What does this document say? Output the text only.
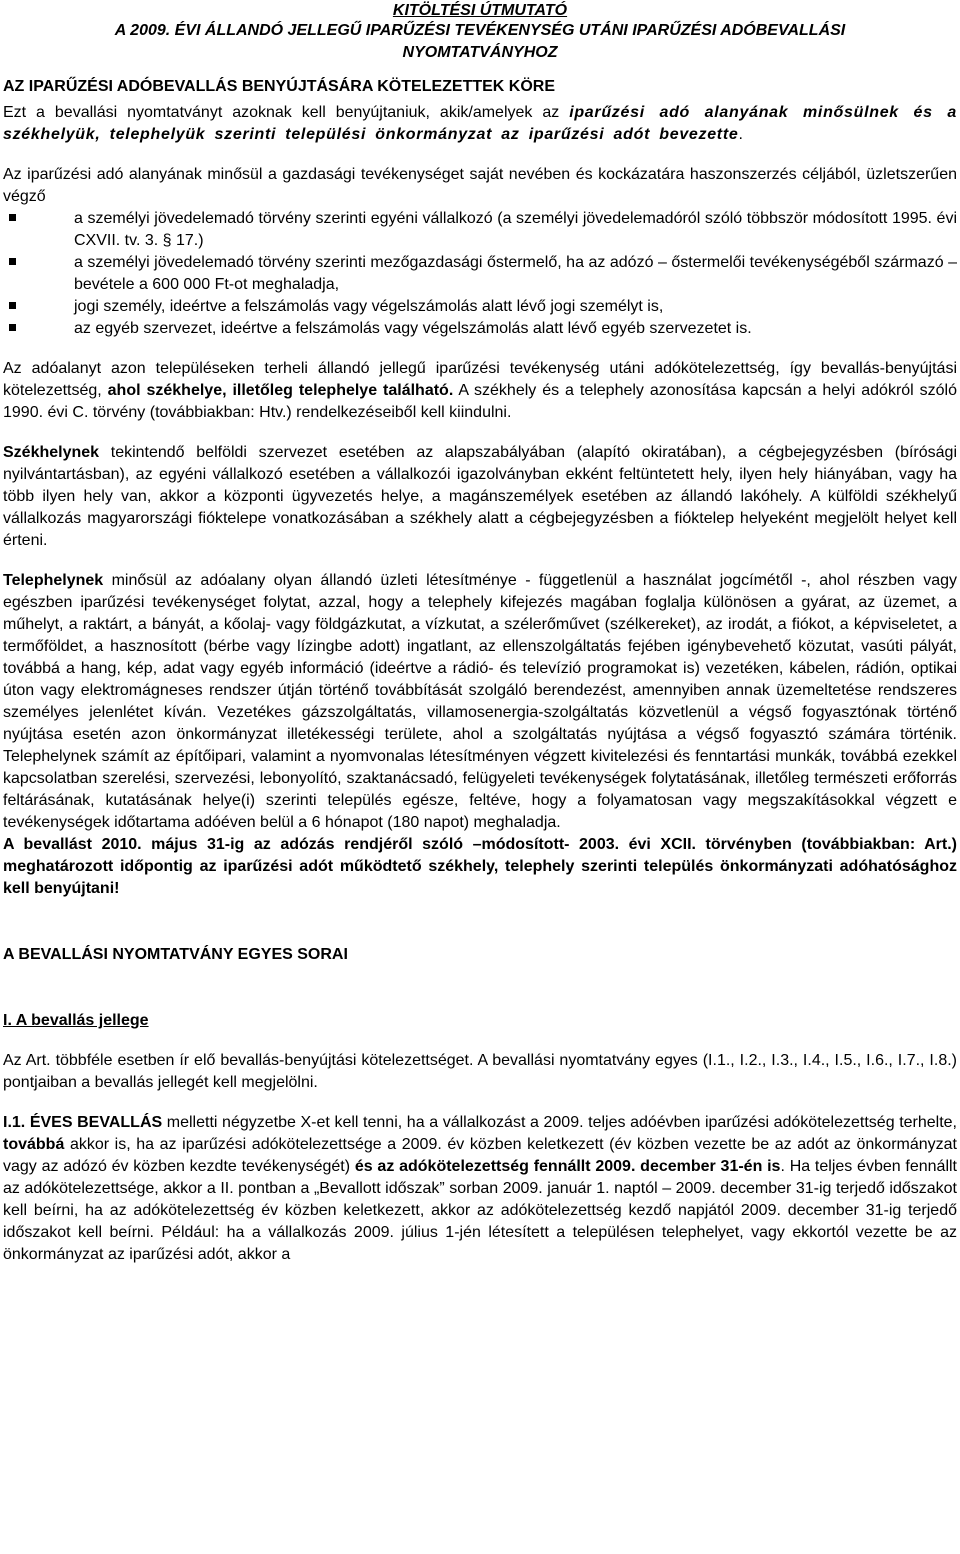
KITÖLTÉSI ÚTMUTATÓ

A 2009. ÉVI ÁLLANDÓ JELLEGŰ IPARŰZÉSI TEVÉKENYSÉG UTÁNI IPARŰZÉSI ADÓBEVALLÁSI

NYOMTATVÁNYHOZ

AZ IPARŰZÉSI ADÓBEVALLÁS BENYÚJTÁSÁRA KÖTELEZETTEK KÖRE

Ezt a bevallási nyomtatványt azoknak kell benyújtaniuk, akik/amelyek az iparűzési adó alanyának minősülnek és a székhelyük, telephelyük szerinti települési önkormányzat az iparűzési adót bevezette.

Az iparűzési adó alanyának minősül a gazdasági tevékenységet saját nevében és kockázatára haszonszerzés céljából, üzletszerűen végző

a személyi jövedelemadó törvény szerinti egyéni vállalkozó (a személyi jövedelemadóról szóló többször módosított 1995. évi CXVII. tv. 3. § 17.)
a személyi jövedelemadó törvény szerinti mezőgazdasági őstermelő, ha az adózó – őstermelői tevékenységéből származó – bevétele a 600 000 Ft-ot meghaladja,
jogi személy, ideértve a felszámolás vagy végelszámolás alatt lévő jogi személyt is,
az egyéb szervezet, ideértve a felszámolás vagy végelszámolás alatt lévő egyéb szervezetet is.

Az adóalanyt azon településeken terheli állandó jellegű iparűzési tevékenység utáni adókötelezettség, így bevallás-benyújtási kötelezettség, ahol székhelye, illetőleg telephelye található. A székhely és a telephely azonosítása kapcsán a helyi adókról szóló 1990. évi C. törvény (továbbiakban: Htv.) rendelkezéseiből kell kiindulni.

Székhelynek tekintendő belföldi szervezet esetében az alapszabályában (alapító okiratában), a cégbejegyzésben (bírósági nyilvántartásban), az egyéni vállalkozó esetében a vállalkozói igazolványban ekként feltüntetett hely, ilyen hely hiányában, vagy ha több ilyen hely van, akkor a központi ügyvezetés helye, a magánszemélyek esetében az állandó lakóhely. A külföldi székhelyű vállalkozás magyarországi fióktelepe vonatkozásában a székhely alatt a cégbejegyzésben a fióktelep helyeként megjelölt helyet kell érteni.

Telephelynek minősül az adóalany olyan állandó üzleti létesítménye - függetlenül a használat jogcímétől -, ahol részben vagy egészben iparűzési tevékenységet folytat, azzal, hogy a telephely kifejezés magában foglalja különösen a gyárat, az üzemet, a műhelyt, a raktárt, a bányát, a kőolaj- vagy földgázkutat, a vízkutat, a szélerőművet (szélkereket), az irodát, a fiókot, a képviseletet, a termőföldet, a hasznosított (bérbe vagy lízingbe adott) ingatlant, az ellenszolgáltatás fejében igénybevehető közutat, vasúti pályát, továbbá a hang, kép, adat vagy egyéb információ (ideértve a rádió- és televízió programokat is) vezetéken, kábelen, rádión, optikai úton vagy elektromágneses rendszer útján történő továbbítását szolgáló berendezést, amennyiben annak üzemeltetése rendszeres személyes jelenlétet kíván. Vezetékes gázszolgáltatás, villamosenergia-szolgáltatás közvetlenül a végső fogyasztónak történő nyújtása esetén azon önkormányzat illetékességi területe, ahol a szolgáltatás nyújtása a végső fogyasztó számára történik. Telephelynek számít az építőipari, valamint a nyomvonalas létesítményen végzett kivitelezési és fenntartási munkák, továbbá ezekkel kapcsolatban szerelési, szervezési, lebonyolító, szaktanácsadó, felügyeleti tevékenységek folytatásának, illetőleg természeti erőforrás feltárásának, kutatásának helye(i) szerinti település egésze, feltéve, hogy a folyamatosan vagy megszakításokkal végzett e tevékenységek időtartama adóéven belül a 6 hónapot (180 napot) meghaladja.

A bevallást 2010. május 31-ig az adózás rendjéről szóló –módosított- 2003. évi XCII. törvényben (továbbiakban: Art.) meghatározott időpontig az iparűzési adót működtető székhely, telephely szerinti település önkormányzati adóhatósághoz kell benyújtani!

A BEVALLÁSI NYOMTATVÁNY EGYES SORAI
I. A bevallás jellege

Az Art. többféle esetben ír elő bevallás-benyújtási kötelezettséget. A bevallási nyomtatvány egyes (I.1., I.2., I.3., I.4., I.5., I.6., I.7., I.8.) pontjaiban a bevallás jellegét kell megjelölni.

I.1. ÉVES BEVALLÁS melletti négyzetbe X-et kell tenni, ha a vállalkozást a 2009. teljes adóévben iparűzési adókötelezettség terhelte, továbbá akkor is, ha az iparűzési adókötelezettsége a 2009. év közben keletkezett (év közben vezette be az adót az önkormányzat vagy az adózó év közben kezdte tevékenységét) és az adókötelezettség fennállt 2009. december 31-én is. Ha teljes évben fennállt az adókötelezettsége, akkor a II. pontban a „Bevallott időszak” sorban 2009. január 1. naptól – 2009. december 31-ig terjedő időszakot kell beírni, ha az adókötelezettség év közben keletkezett, akkor az adókötelezettség kezdő napjától 2009. december 31-ig terjedő időszakot kell beírni. Például: ha a vállalkozás 2009. július 1-jén létesített a településen telephelyet, vagy ekkortól vezette be az önkormányzat az iparűzési adót, akkor a
